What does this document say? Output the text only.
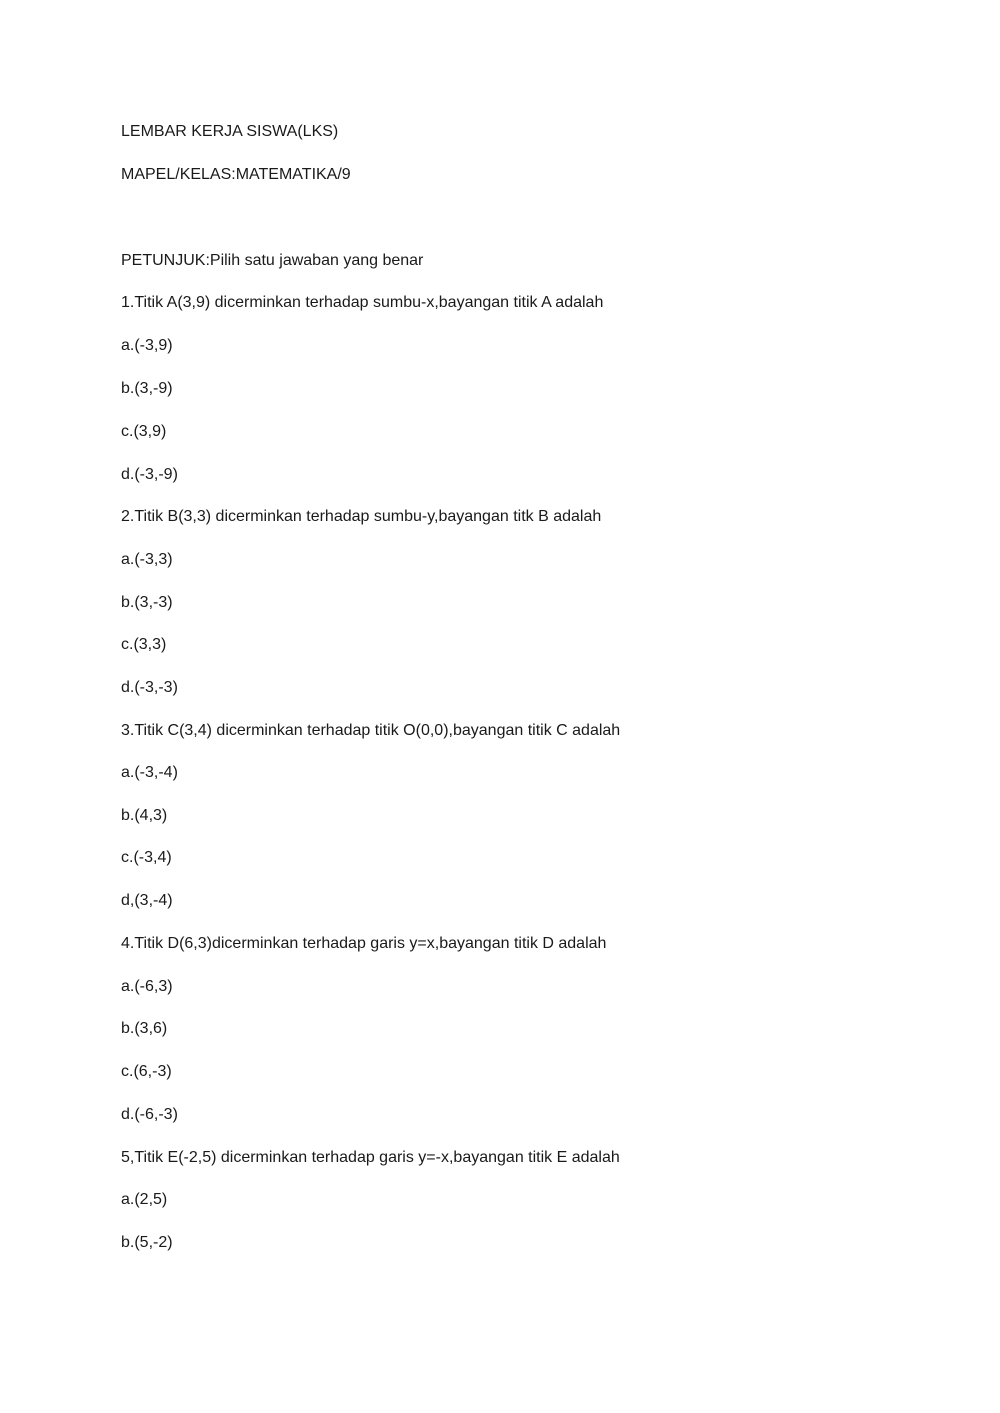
LEMBAR KERJA SISWA(LKS)
MAPEL/KELAS:MATEMATIKA/9
PETUNJUK:Pilih satu jawaban yang benar
1.Titik A(3,9) dicerminkan terhadap sumbu-x,bayangan titik A adalah
a.(-3,9)
b.(3,-9)
c.(3,9)
d.(-3,-9)
2.Titik B(3,3) dicerminkan terhadap sumbu-y,bayangan titk B adalah
a.(-3,3)
b.(3,-3)
c.(3,3)
d.(-3,-3)
3.Titik C(3,4) dicerminkan terhadap titik O(0,0),bayangan titik C adalah
a.(-3,-4)
b.(4,3)
c.(-3,4)
d,(3,-4)
4.Titik D(6,3)dicerminkan terhadap garis y=x,bayangan titik D adalah
a.(-6,3)
b.(3,6)
c.(6,-3)
d.(-6,-3)
5,Titik E(-2,5) dicerminkan terhadap garis y=-x,bayangan titik E adalah
a.(2,5)
b.(5,-2)
